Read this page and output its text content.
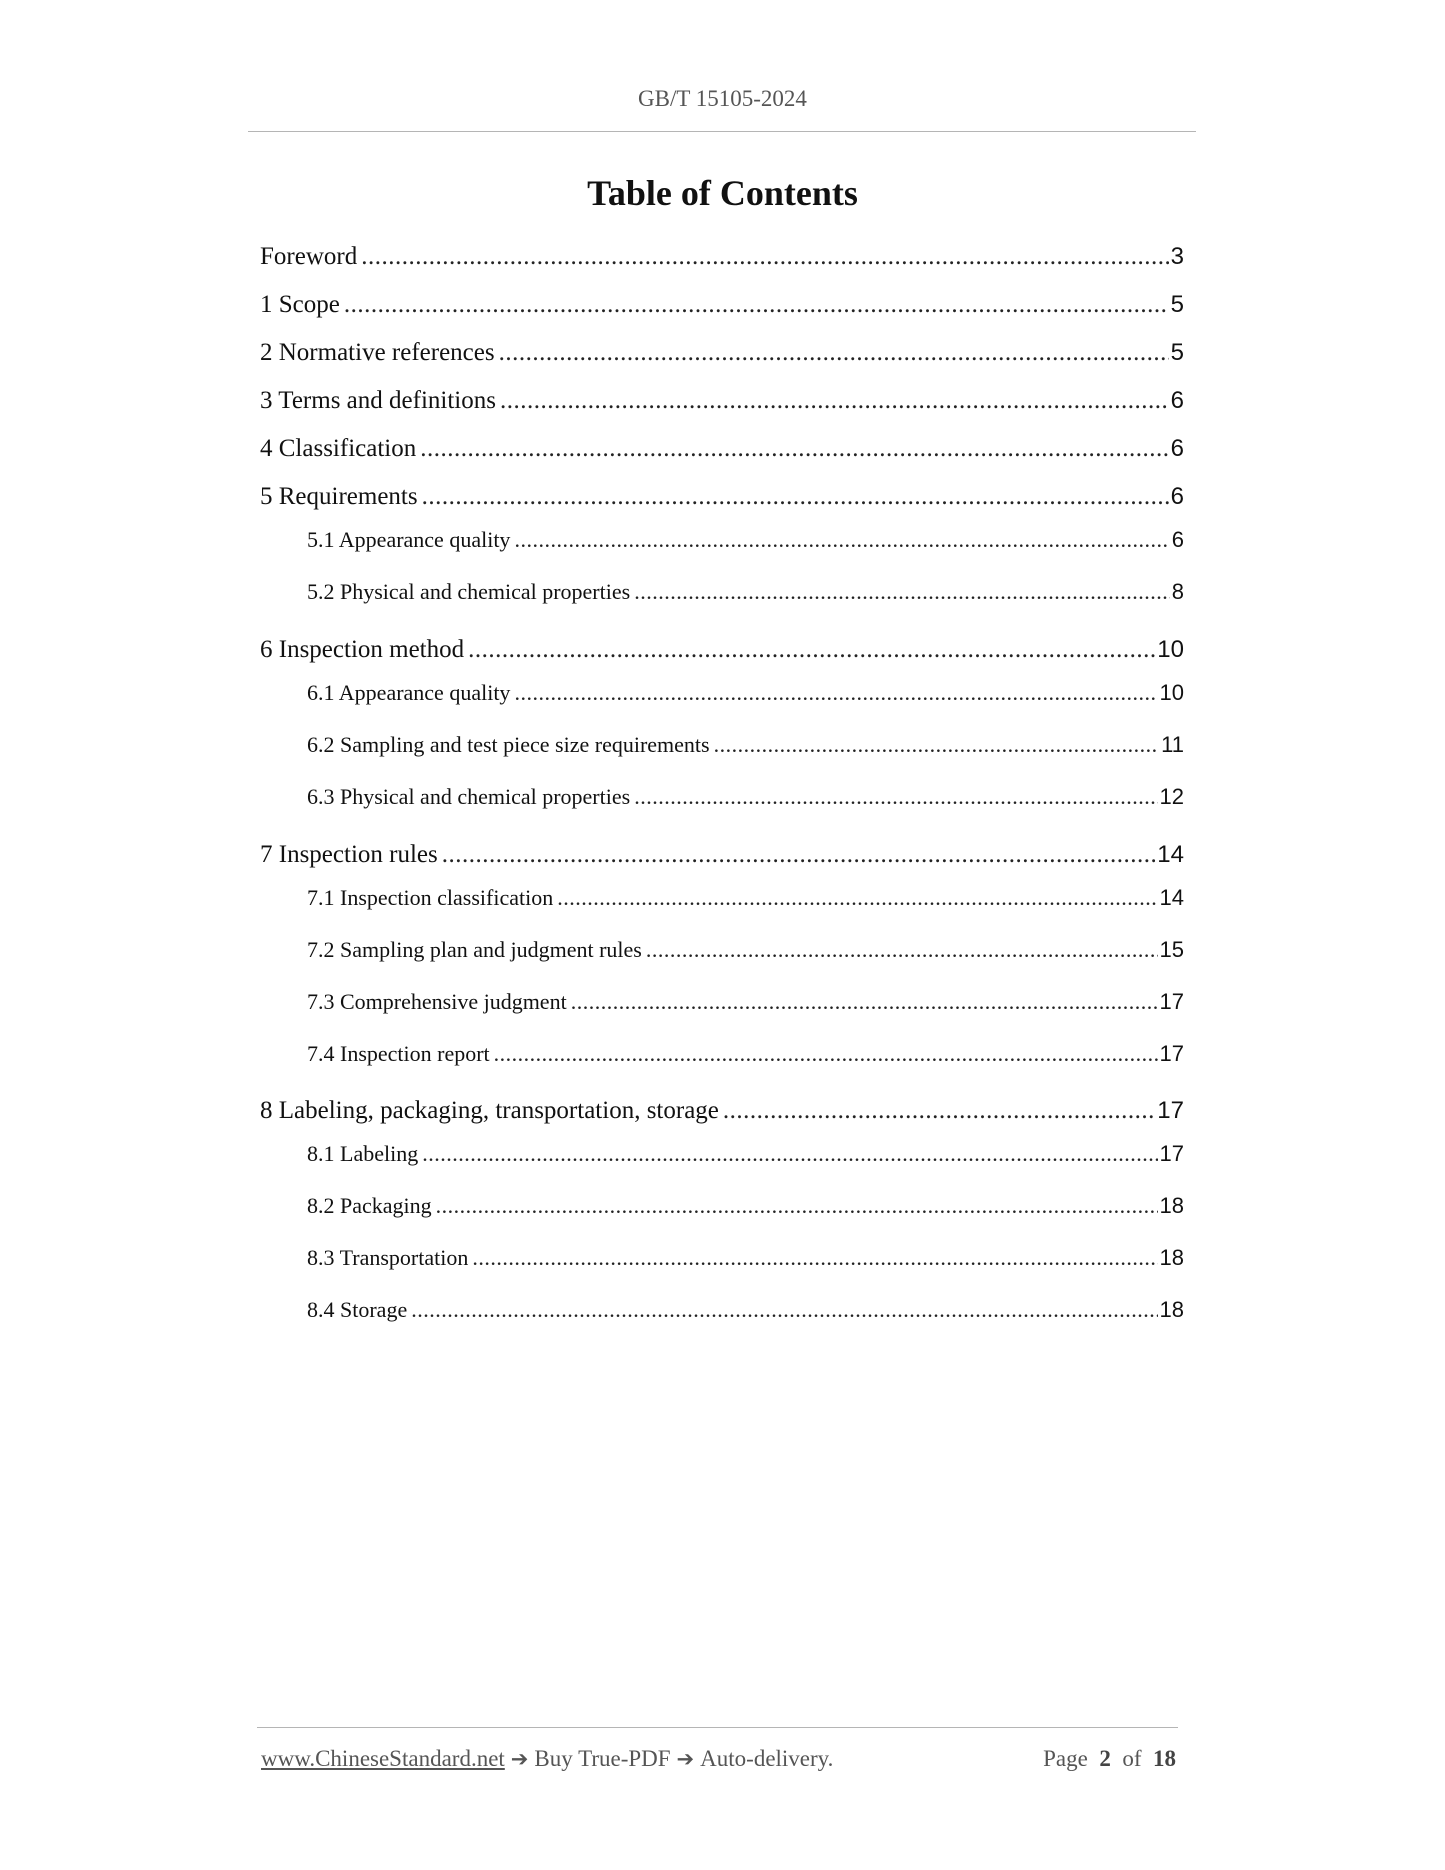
GB/T 15105-2024
Table of Contents
Foreword .....	3
1 Scope .....	5
2 Normative references .....	5
3 Terms and definitions .....	6
4 Classification .....	6
5 Requirements .....	6
5.1 Appearance quality .....	6
5.2 Physical and chemical properties .....	8
6 Inspection method .....	10
6.1 Appearance quality .....	10
6.2 Sampling and test piece size requirements .....	11
6.3 Physical and chemical properties .....	12
7 Inspection rules .....	14
7.1 Inspection classification .....	14
7.2 Sampling plan and judgment rules .....	15
7.3 Comprehensive judgment .....	17
7.4 Inspection report .....	17
8 Labeling, packaging, transportation, storage .....	17
8.1 Labeling .....	17
8.2 Packaging .....	18
8.3 Transportation .....	18
8.4 Storage .....	18
www.ChineseStandard.net ➔ Buy True-PDF ➔ Auto-delivery.	Page 2 of 18
